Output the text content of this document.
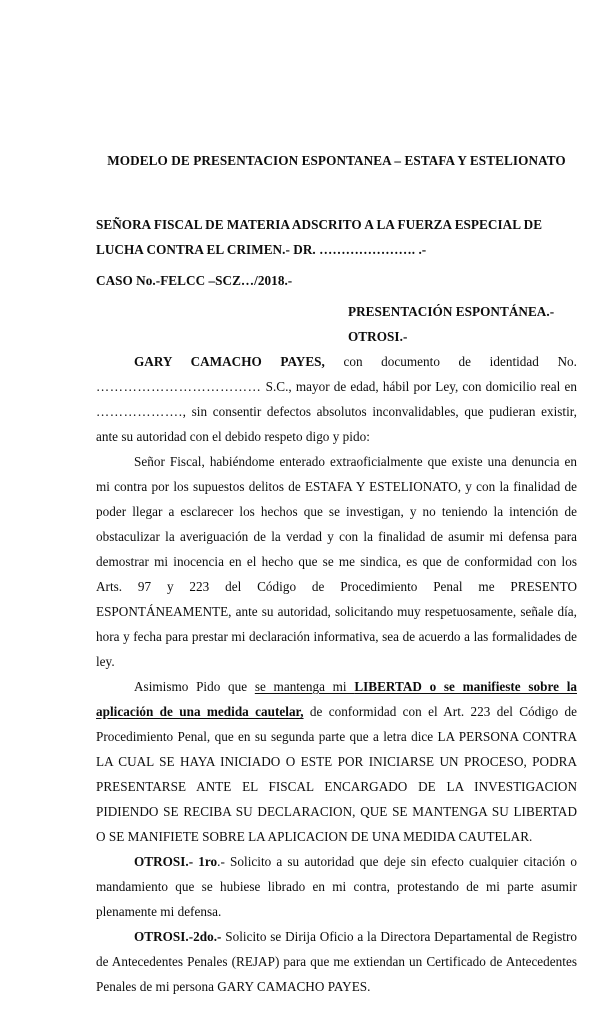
MODELO DE PRESENTACION ESPONTANEA – ESTAFA Y ESTELIONATO
SEÑORA FISCAL DE MATERIA ADSCRITO A LA FUERZA ESPECIAL DE
LUCHA CONTRA EL CRIMEN.- DR. …………………. .-
CASO No.-FELCC –SCZ…/2018.-
PRESENTACIÓN ESPONTÁNEA.-
OTROSI.-

GARY CAMACHO PAYES, con documento de identidad No. ……………………………… S.C., mayor de edad, hábil por Ley, con domicilio real en ………………., sin consentir defectos absolutos inconvalidables, que pudieran existir, ante su autoridad con el debido respeto digo y pido:

Señor Fiscal, habiéndome enterado extraoficialmente que existe una denuncia en mi contra por los supuestos delitos de ESTAFA Y ESTELIONATO, y con la finalidad de poder llegar a esclarecer los hechos que se investigan, y no teniendo la intención de obstaculizar la averiguación de la verdad y con la finalidad de asumir mi defensa para demostrar mi inocencia en el hecho que se me sindica, es que de conformidad con los Arts. 97 y 223 del Código de Procedimiento Penal me PRESENTO ESPONTÁNEAMENTE, ante su autoridad, solicitando muy respetuosamente, señale día, hora y fecha para prestar mi declaración informativa, sea de acuerdo a las formalidades de ley.

Asimismo Pido que se mantenga mi LIBERTAD o se manifieste sobre la aplicación de una medida cautelar, de conformidad con el Art. 223 del Código de Procedimiento Penal, que en su segunda parte que a letra dice LA PERSONA CONTRA LA CUAL SE HAYA INICIADO O ESTE POR INICIARSE UN PROCESO, PODRA PRESENTARSE ANTE EL FISCAL ENCARGADO DE LA INVESTIGACION PIDIENDO SE RECIBA SU DECLARACION, QUE SE MANTENGA SU LIBERTAD O SE MANIFIETE SOBRE LA APLICACION DE UNA MEDIDA CAUTELAR.

OTROSI.- 1ro.- Solicito a su autoridad que deje sin efecto cualquier citación o mandamiento que se hubiese librado en mi contra, protestando de mi parte asumir plenamente mi defensa.

OTROSI.-2do.- Solicito se Dirija Oficio a la Directora Departamental de Registro de Antecedentes Penales (REJAP) para que me extiendan un Certificado de Antecedentes Penales de mi persona GARY CAMACHO PAYES.
